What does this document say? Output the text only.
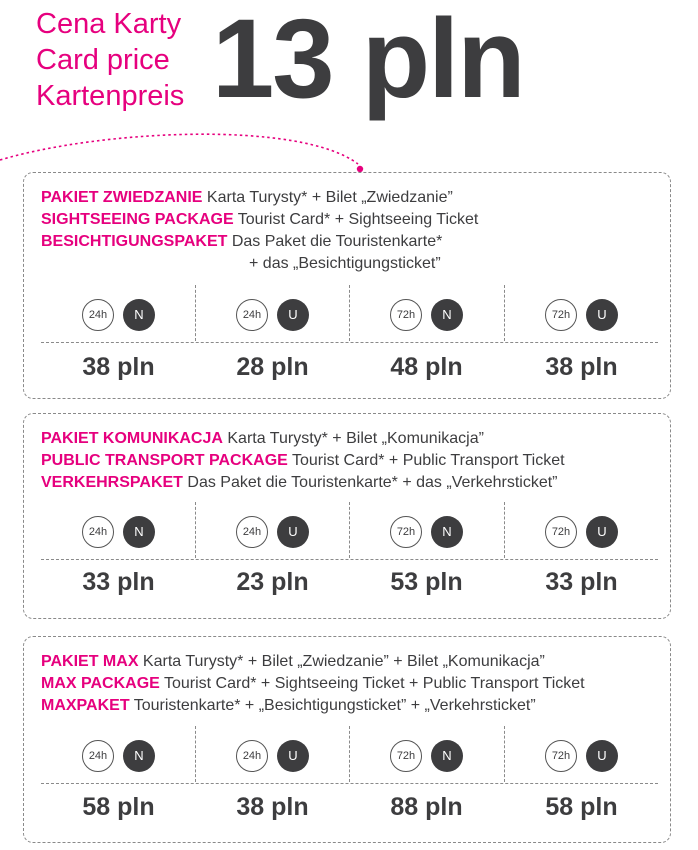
Cena Karty
Card price
Kartenpreis 13 pln
PAKIET ZWIEDZANIE Karta Turysty* + Bilet „Zwiedzanie”
SIGHTSEEING PACKAGE Tourist Card* + Sightseeing Ticket
BESICHTIGUNGSPAKET Das Paket die Touristenkarte*
+ das „Besichtigungsticket”
24h N
38 pln
24h U
28 pln
72h N
48 pln
72h U
38 pln
PAKIET KOMUNIKACJA Karta Turysty* + Bilet „Komunikacja”
PUBLIC TRANSPORT PACKAGE Tourist Card* + Public Transport Ticket
VERKEHRSPAKET Das Paket die Touristenkarte* + das „Verkehrsticket”
24h N
33 pln
24h U
23 pln
72h N
53 pln
72h U
33 pln
PAKIET MAX Karta Turysty* + Bilet „Zwiedzanie” + Bilet „Komunikacja”
MAX PACKAGE Tourist Card* + Sightseeing Ticket + Public Transport Ticket
MAXPAKET Touristenkarte* + „Besichtigungsticket” + „Verkehrsticket”
24h N
58 pln
24h U
38 pln
72h N
88 pln
72h U
58 pln
